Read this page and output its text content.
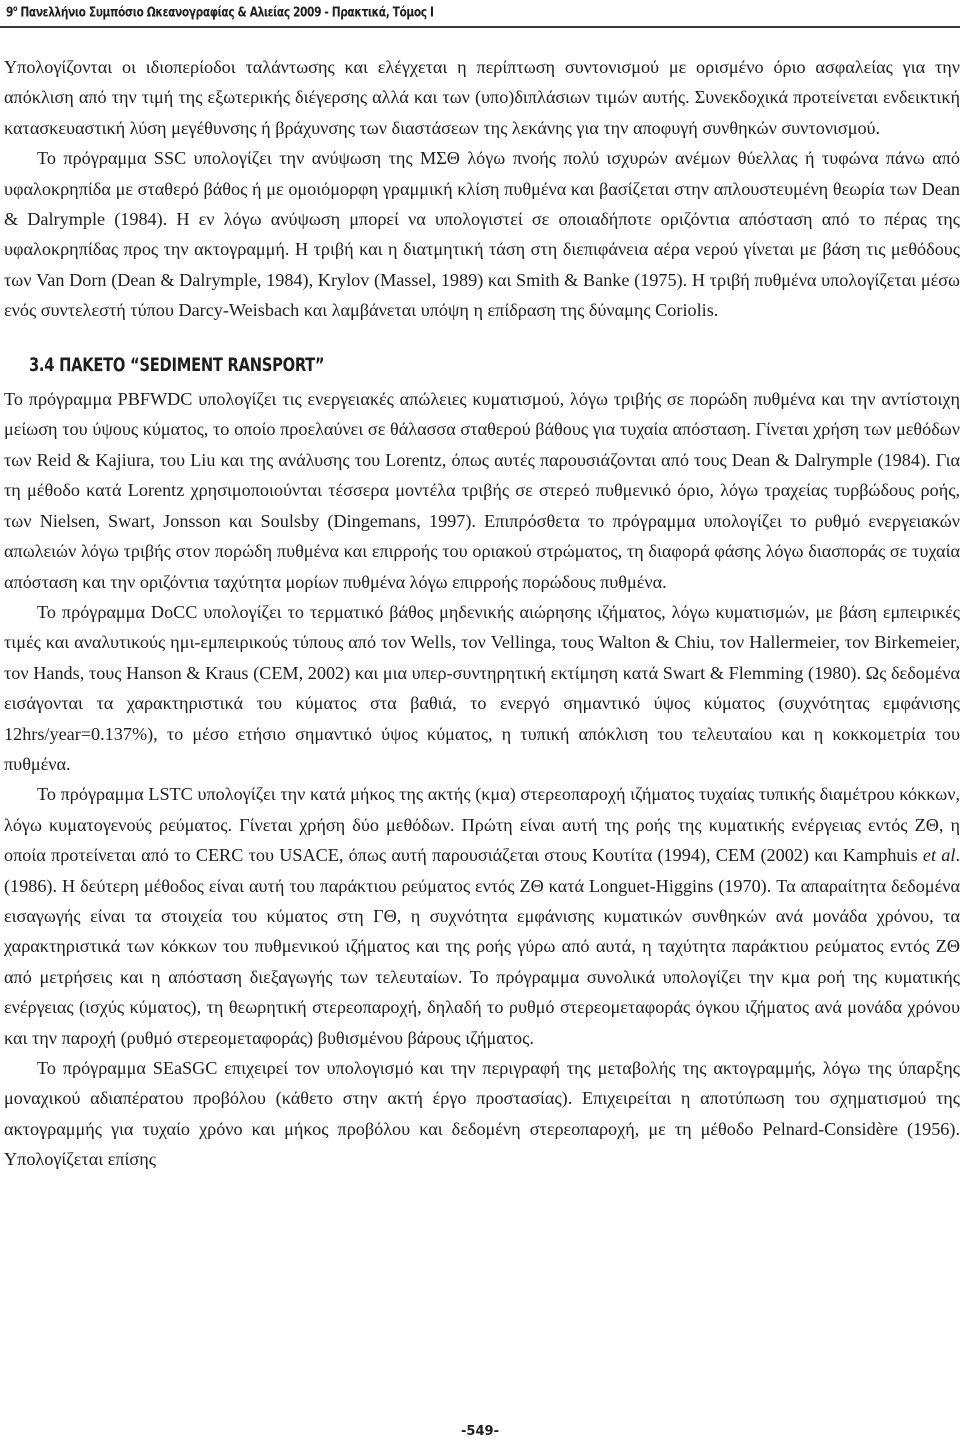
$9^o$ Πανελλήνιο Συμπόσιο Ωκεανογραφίας & Αλιείας 2009 - Πρακτικά, Τόμος Ι

Υπολογίζονται οι ιδιοπερίοδοι ταλάντωσης και ελέγχεται η περίπτωση συντονισμού με ορισμένο όριο ασφαλείας για την απόκλιση από την τιμή της εξωτερικής διέγερσης αλλά και των (υπο)διπλάσιων τιμών αυτής. Συνεκδοχικά προτείνεται ενδεικτική κατασκευαστική λύση μεγέθυνσης ή βράχυνσης των διαστάσεων της λεκάνης για την αποφυγή συνθηκών συντονισμού.

Το πρόγραμμα SSC υπολογίζει την ανύψωση της ΜΣΘ λόγω πνοής πολύ ισχυρών ανέμων θύελλας ή τυφώνα πάνω από υφαλοκρηπίδα με σταθερό βάθος ή με ομοιόμορφη γραμμική κλίση πυθμένα και βασίζεται στην απλουστευμένη θεωρία των Dean & Dalrymple (1984). Η εν λόγω ανύψωση μπορεί να υπολογιστεί σε οποιαδήποτε οριζόντια απόσταση από το πέρας της υφαλοκρηπίδας προς την ακτογραμμή. Η τριβή και η διατμητική τάση στη διεπιφάνεια αέρα νερού γίνεται με βάση τις μεθόδους των Van Dorn (Dean & Dalrymple, 1984), Krylov (Massel, 1989) και Smith & Banke (1975). Η τριβή πυθμένα υπολογίζεται μέσω ενός συντελεστή τύπου Darcy-Weisbach και λαμβάνεται υπόψη η επίδραση της δύναμης Coriolis.

3.4 ΠΑΚΕΤΟ “SEDIMENT RANSPORT”

Το πρόγραμμα PBFWDC υπολογίζει τις ενεργειακές απώλειες κυματισμού, λόγω τριβής σε πορώδη πυθμένα και την αντίστοιχη μείωση του ύψους κύματος, το οποίο προελαύνει σε θάλασσα σταθερού βάθους για τυχαία απόσταση. Γίνεται χρήση των μεθόδων των Reid & Kajiura, του Liu και της ανάλυσης του Lorentz, όπως αυτές παρουσιάζονται από τους Dean & Dalrymple (1984). Για τη μέθοδο κατά Lorentz χρησιμοποιούνται τέσσερα μοντέλα τριβής σε στερεό πυθμενικό όριο, λόγω τραχείας τυρβώδους ροής, των Nielsen, Swart, Jonsson και Soulsby (Dingemans, 1997). Επιπρόσθετα το πρόγραμμα υπολογίζει το ρυθμό ενεργειακών απωλειών λόγω τριβής στον πορώδη πυθμένα και επιρροής του οριακού στρώματος, τη διαφορά φάσης λόγω διασποράς σε τυχαία απόσταση και την οριζόντια ταχύτητα μορίων πυθμένα λόγω επιρροής πορώδους πυθμένα.

Το πρόγραμμα DoCC υπολογίζει το τερματικό βάθος μηδενικής αιώρησης ιζήματος, λόγω κυματισμών, με βάση εμπειρικές τιμές και αναλυτικούς ημι-εμπειρικούς τύπους από τον Wells, τον Vellinga, τους Walton & Chiu, τον Hallermeier, τον Birkemeier, τον Hands, τους Hanson & Kraus (CEM, 2002) και μια υπερ-συντηρητική εκτίμηση κατά Swart & Flemming (1980). Ως δεδομένα εισάγονται τα χαρακτηριστικά του κύματος στα βαθιά, το ενεργό σημαντικό ύψος κύματος (συχνότητας εμφάνισης 12hrs/year=0.137%), το μέσο ετήσιο σημαντικό ύψος κύματος, η τυπική απόκλιση του τελευταίου και η κοκκομετρία του πυθμένα.

Το πρόγραμμα LSTC υπολογίζει την κατά μήκος της ακτής (κμα) στερεοπαροχή ιζήματος τυχαίας τυπικής διαμέτρου κόκκων, λόγω κυματογενούς ρεύματος. Γίνεται χρήση δύο μεθόδων. Πρώτη είναι αυτή της ροής της κυματικής ενέργειας εντός ΖΘ, η οποία προτείνεται από το CERC του USACE, όπως αυτή παρουσιάζεται στους Κουτίτα (1994), CEM (2002) και Kamphuis et al. (1986). Η δεύτερη μέθοδος είναι αυτή του παράκτιου ρεύματος εντός ΖΘ κατά Longuet-Higgins (1970). Τα απαραίτητα δεδομένα εισαγωγής είναι τα στοιχεία του κύματος στη ΓΘ, η συχνότητα εμφάνισης κυματικών συνθηκών ανά μονάδα χρόνου, τα χαρακτηριστικά των κόκκων του πυθμενικού ιζήματος και της ροής γύρω από αυτά, η ταχύτητα παράκτιου ρεύματος εντός ΖΘ από μετρήσεις και η απόσταση διεξαγωγής των τελευταίων. Το πρόγραμμα συνολικά υπολογίζει την κμα ροή της κυματικής ενέργειας (ισχύς κύματος), τη θεωρητική στερεοπαροχή, δηλαδή το ρυθμό στερεομεταφοράς όγκου ιζήματος ανά μονάδα χρόνου και την παροχή (ρυθμό στερεομεταφοράς) βυθισμένου βάρους ιζήματος.

Το πρόγραμμα SEaSGC επιχειρεί τον υπολογισμό και την περιγραφή της μεταβολής της ακτογραμμής, λόγω της ύπαρξης μοναχικού αδιαπέρατου προβόλου (κάθετο στην ακτή έργο προστασίας). Επιχειρείται η αποτύπωση του σχηματισμού της ακτογραμμής για τυχαίο χρόνο και μήκος προβόλου και δεδομένη στερεοπαροχή, με τη μέθοδο Pelnard-Considère (1956). Υπολογίζεται επίσης

-549-
